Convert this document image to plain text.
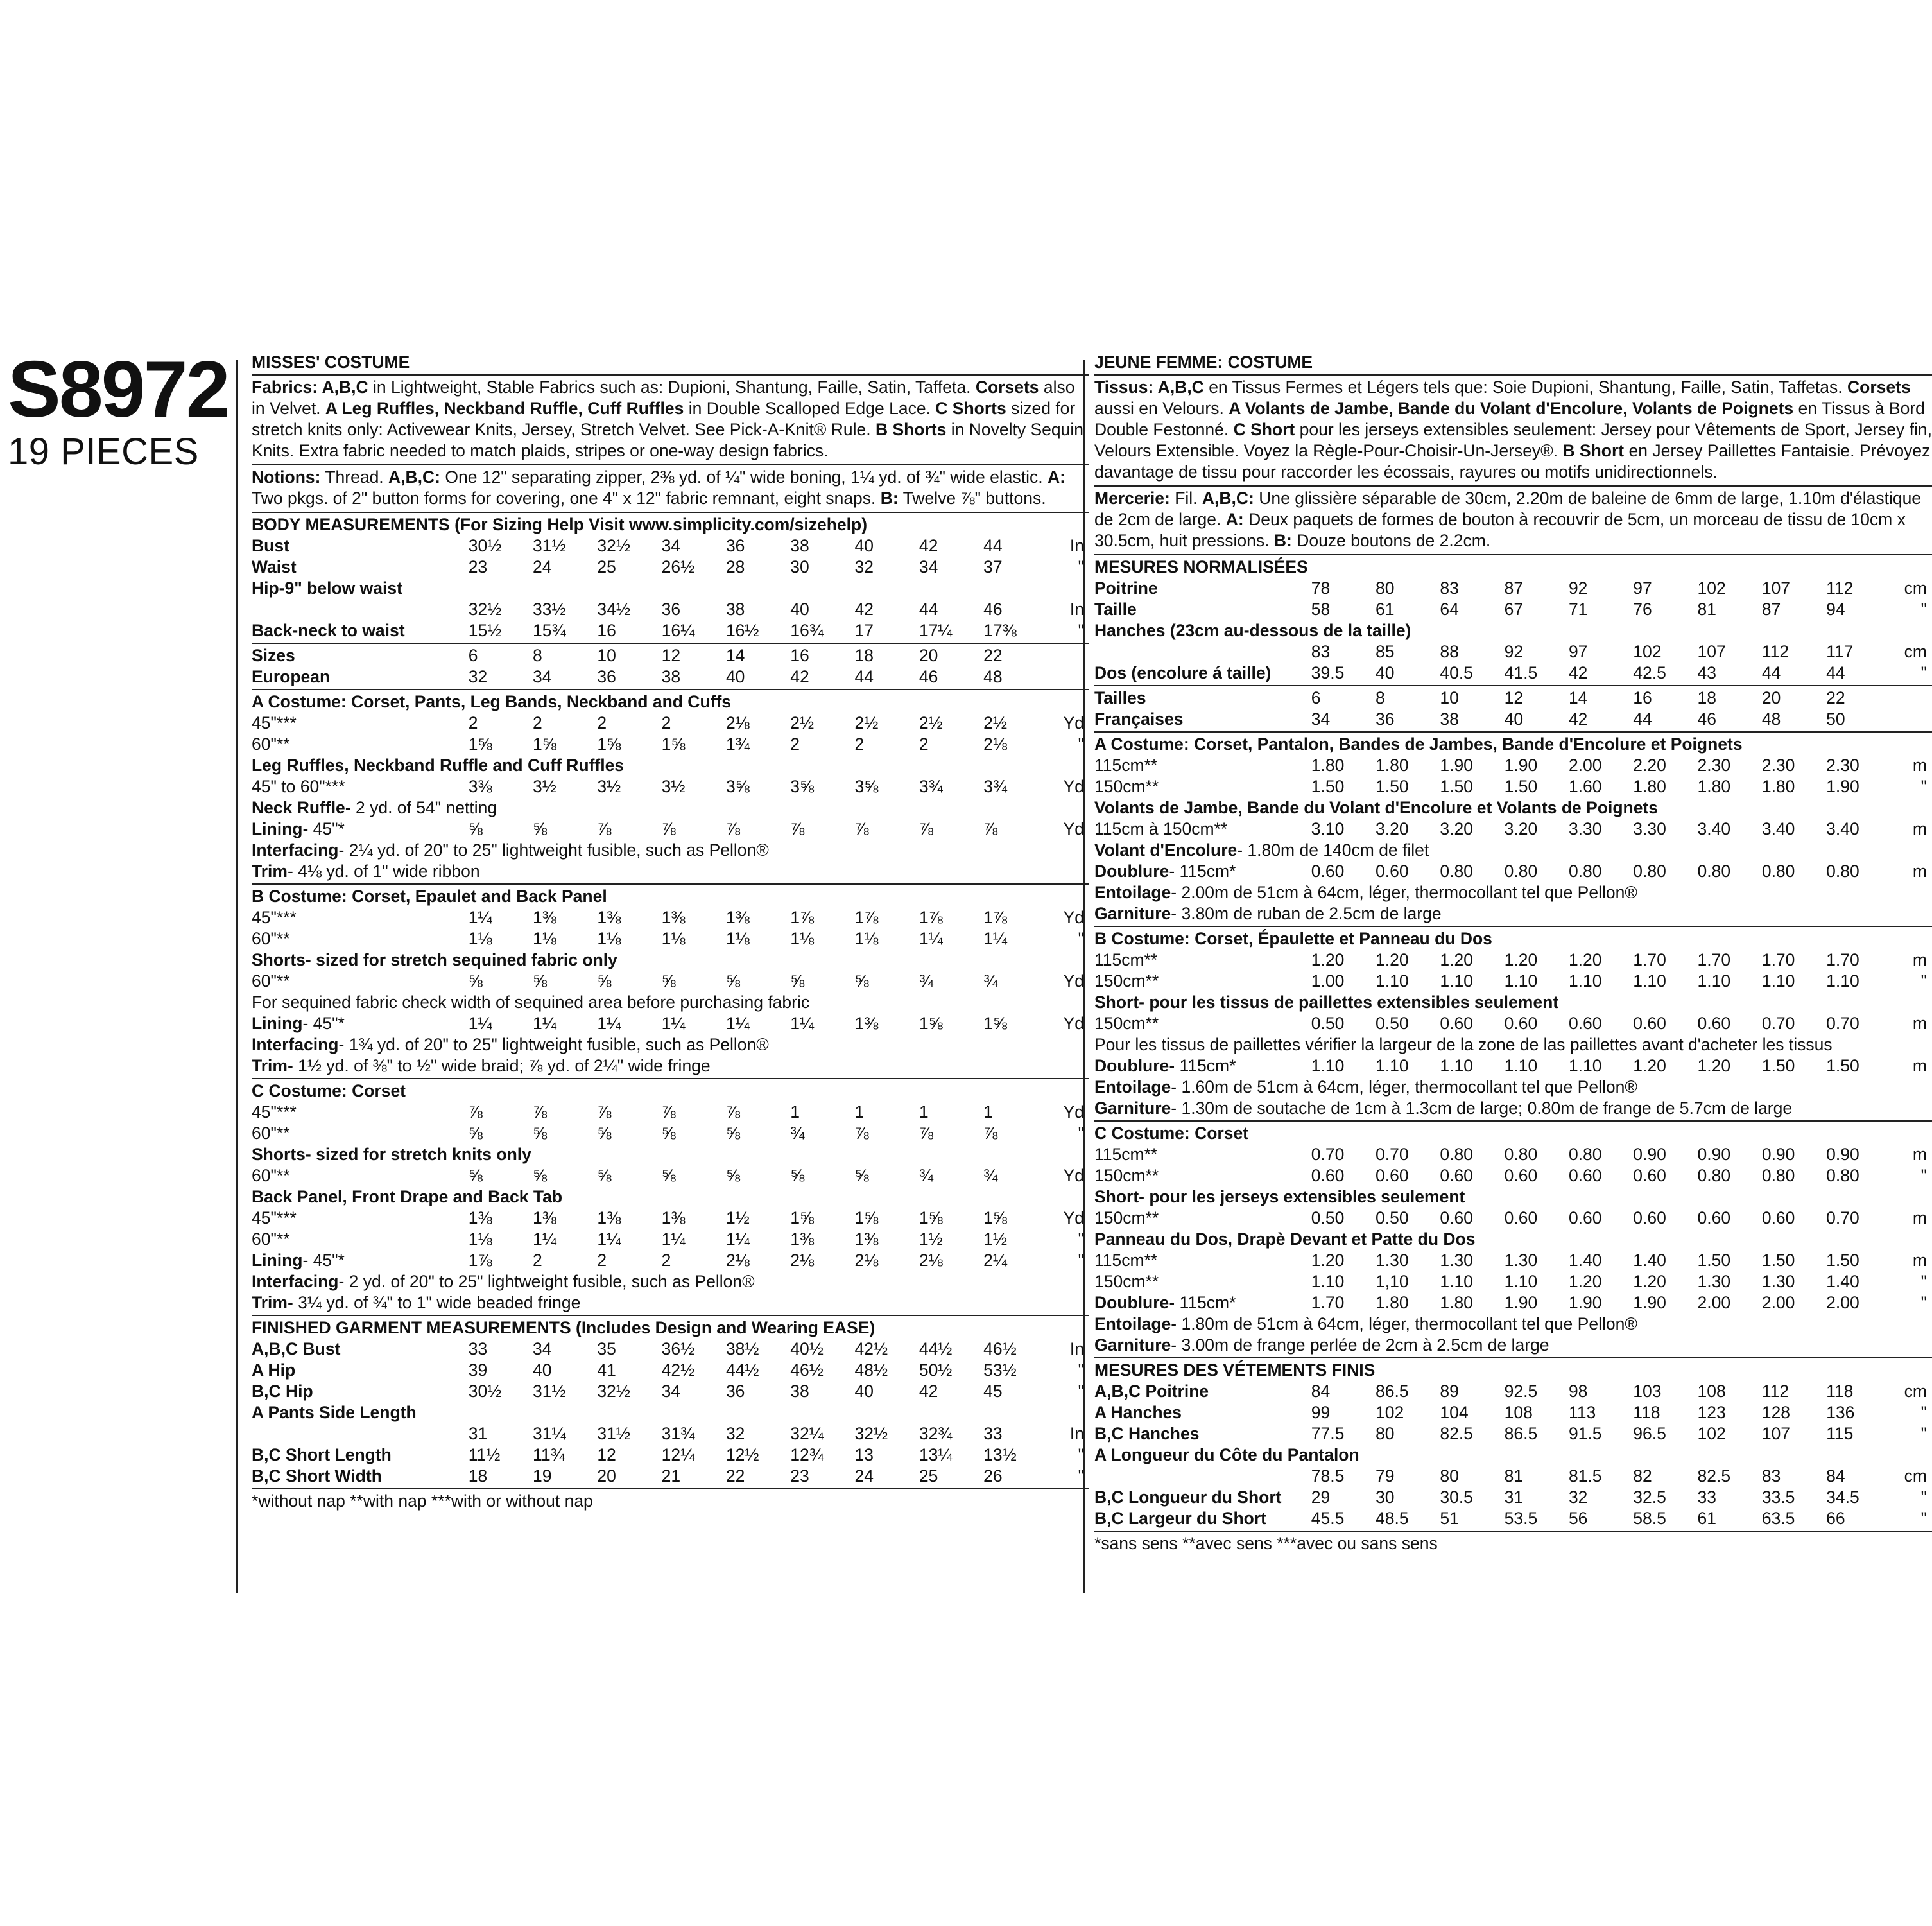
S8972
19 PIECES
MISSES' COSTUME
Fabrics: A,B,C in Lightweight, Stable Fabrics such as: Dupioni, Shantung, Faille, Satin, Taffeta. Corsets also in Velvet. A Leg Ruffles, Neckband Ruffle, Cuff Ruffles in Double Scalloped Edge Lace. C Shorts sized for stretch knits only: Activewear Knits, Jersey, Stretch Velvet. See Pick-A-Knit® Rule. B Shorts in Novelty Sequin Knits. Extra fabric needed to match plaids, stripes or one-way design fabrics.
Notions: Thread. A,B,C: One 12" separating zipper, 2⅜ yd. of ¼" wide boning, 1¼ yd. of ¾" wide elastic. A: Two pkgs. of 2" button forms for covering, one 4" x 12" fabric remnant, eight snaps. B: Twelve ⅞" buttons.
BODY MEASUREMENTS (For Sizing Help Visit www.simplicity.com/sizehelp)
Bust	30½	31½	32½	34	36	38	40	42	44	In
Waist	23	24	25	26½	28	30	32	34	37	"
Hip-9" below waist										
	32½	33½	34½	36	38	40	42	44	46	In
Back-neck to waist	15½	15¾	16	16¼	16½	16¾	17	17¼	17⅜	"
Sizes	6	8	10	12	14	16	18	20	22	
European	32	34	36	38	40	42	44	46	48	
A Costume: Corset, Pants, Leg Bands, Neckband and Cuffs
45"***	2	2	2	2	2⅛	2½	2½	2½	2½	Yd
60"**	1⅝	1⅝	1⅝	1⅝	1¾	2	2	2	2⅛	"
Leg Ruffles, Neckband Ruffle and Cuff Ruffles										
45" to 60"***	3⅜	3½	3½	3½	3⅝	3⅝	3⅝	3¾	3¾	Yd
Neck Ruffle- 2 yd. of 54" netting										
Lining- 45"*	⅝	⅝	⅞	⅞	⅞	⅞	⅞	⅞	⅞	Yd
Interfacing- 2¼ yd. of 20" to 25" lightweight fusible, such as Pellon®										
Trim- 4⅛ yd. of 1" wide ribbon										
B Costume: Corset, Epaulet and Back Panel
45"***	1¼	1⅜	1⅜	1⅜	1⅜	1⅞	1⅞	1⅞	1⅞	Yd
60"**	1⅛	1⅛	1⅛	1⅛	1⅛	1⅛	1⅛	1¼	1¼	"
Shorts- sized for stretch sequined fabric only										
60"**	⅝	⅝	⅝	⅝	⅝	⅝	⅝	¾	¾	Yd
For sequined fabric check width of sequined area before purchasing fabric										
Lining- 45"*	1¼	1¼	1¼	1¼	1¼	1¼	1⅜	1⅝	1⅝	Yd
Interfacing- 1¾ yd. of 20" to 25" lightweight fusible, such as Pellon®										
Trim- 1½ yd. of ⅜" to ½" wide braid; ⅞ yd. of 2¼" wide fringe										
C Costume: Corset
45"***	⅞	⅞	⅞	⅞	⅞	1	1	1	1	Yd
60"**	⅝	⅝	⅝	⅝	⅝	¾	⅞	⅞	⅞	"
Shorts- sized for stretch knits only										
60"**	⅝	⅝	⅝	⅝	⅝	⅝	⅝	¾	¾	Yd
Back Panel, Front Drape and Back Tab										
45"***	1⅜	1⅜	1⅜	1⅜	1½	1⅝	1⅝	1⅝	1⅝	Yd
60"**	1⅛	1¼	1¼	1¼	1¼	1⅜	1⅜	1½	1½	"
Lining- 45"*	1⅞	2	2	2	2⅛	2⅛	2⅛	2⅛	2¼	"
Interfacing- 2 yd. of 20" to 25" lightweight fusible, such as Pellon®										
Trim- 3¼ yd. of ¾" to 1" wide beaded fringe										
FINISHED GARMENT MEASUREMENTS (Includes Design and Wearing EASE)
A,B,C Bust	33	34	35	36½	38½	40½	42½	44½	46½	In
A Hip	39	40	41	42½	44½	46½	48½	50½	53½	"
B,C Hip	30½	31½	32½	34	36	38	40	42	45	"
A Pants Side Length										
	31	31¼	31½	31¾	32	32¼	32½	32¾	33	In
B,C Short Length	11½	11¾	12	12¼	12½	12¾	13	13¼	13½	"
B,C Short Width	18	19	20	21	22	23	24	25	26	"
*without nap **with nap ***with or without nap
JEUNE FEMME: COSTUME
Tissus: A,B,C en Tissus Fermes et Légers tels que: Soie Dupioni, Shantung, Faille, Satin, Taffetas. Corsets aussi en Velours. A Volants de Jambe, Bande du Volant d'Encolure, Volants de Poignets en Tissus à Bord Double Festonné. C Short pour les jerseys extensibles seulement: Jersey pour Vêtements de Sport, Jersey fin, Velours Extensible. Voyez la Règle-Pour-Choisir-Un-Jersey®. B Short en Jersey Paillettes Fantaisie. Prévoyez davantage de tissu pour raccorder les écossais, rayures ou motifs unidirectionnels.
Mercerie: Fil. A,B,C: Une glissière séparable de 30cm, 2.20m de baleine de 6mm de large, 1.10m d'élastique de 2cm de large. A: Deux paquets de formes de bouton à recouvrir de 5cm, un morceau de tissu de 10cm x 30.5cm, huit pressions. B: Douze boutons de 2.2cm.
MESURES NORMALISÉES
Poitrine	78	80	83	87	92	97	102	107	112	cm
Taille	58	61	64	67	71	76	81	87	94	"
Hanches (23cm au-dessous de la taille)										
	83	85	88	92	97	102	107	112	117	cm
Dos (encolure á taille)	39.5	40	40.5	41.5	42	42.5	43	44	44	"
Tailles	6	8	10	12	14	16	18	20	22	
Françaises	34	36	38	40	42	44	46	48	50	
A Costume: Corset, Pantalon, Bandes de Jambes, Bande d'Encolure et Poignets
115cm**	1.80	1.80	1.90	1.90	2.00	2.20	2.30	2.30	2.30	m
150cm**	1.50	1.50	1.50	1.50	1.60	1.80	1.80	1.80	1.90	"
Volants de Jambe, Bande du Volant d'Encolure et Volants de Poignets										
115cm à 150cm**	3.10	3.20	3.20	3.20	3.30	3.30	3.40	3.40	3.40	m
Volant d'Encolure- 1.80m de 140cm de filet										
Doublure- 115cm*	0.60	0.60	0.80	0.80	0.80	0.80	0.80	0.80	0.80	m
Entoilage- 2.00m de 51cm à 64cm, léger, thermocollant tel que Pellon®										
Garniture- 3.80m de ruban de 2.5cm de large										
B Costume: Corset, Épaulette et Panneau du Dos
115cm**	1.20	1.20	1.20	1.20	1.20	1.70	1.70	1.70	1.70	m
150cm**	1.00	1.10	1.10	1.10	1.10	1.10	1.10	1.10	1.10	"
Short- pour les tissus de paillettes extensibles seulement										
150cm**	0.50	0.50	0.60	0.60	0.60	0.60	0.60	0.70	0.70	m
Pour les tissus de paillettes vérifier la largeur de la zone de las paillettes avant d'acheter les tissus										
Doublure- 115cm*	1.10	1.10	1.10	1.10	1.10	1.20	1.20	1.50	1.50	m
Entoilage- 1.60m de 51cm à 64cm, léger, thermocollant tel que Pellon®										
Garniture- 1.30m de soutache de 1cm à 1.3cm de large; 0.80m de frange de 5.7cm de large										
C Costume: Corset
115cm**	0.70	0.70	0.80	0.80	0.80	0.90	0.90	0.90	0.90	m
150cm**	0.60	0.60	0.60	0.60	0.60	0.60	0.80	0.80	0.80	"
Short- pour les jerseys extensibles seulement										
150cm**	0.50	0.50	0.60	0.60	0.60	0.60	0.60	0.60	0.70	m
Panneau du Dos, Drapè Devant et Patte du Dos										
115cm**	1.20	1.30	1.30	1.30	1.40	1.40	1.50	1.50	1.50	m
150cm**	1.10	1,10	1.10	1.10	1.20	1.20	1.30	1.30	1.40	"
Doublure- 115cm*	1.70	1.80	1.80	1.90	1.90	1.90	2.00	2.00	2.00	"
Entoilage- 1.80m de 51cm à 64cm, léger, thermocollant tel que Pellon®										
Garniture- 3.00m de frange perlée de 2cm à 2.5cm de large										
MESURES DES VÉTEMENTS FINIS
A,B,C Poitrine	84	86.5	89	92.5	98	103	108	112	118	cm
A Hanches	99	102	104	108	113	118	123	128	136	"
B,C Hanches	77.5	80	82.5	86.5	91.5	96.5	102	107	115	"
A Longueur du Côte du Pantalon										
	78.5	79	80	81	81.5	82	82.5	83	84	cm
B,C Longueur du Short	29	30	30.5	31	32	32.5	33	33.5	34.5	"
B,C Largeur du Short	45.5	48.5	51	53.5	56	58.5	61	63.5	66	"
*sans sens **avec sens ***avec ou sans sens
